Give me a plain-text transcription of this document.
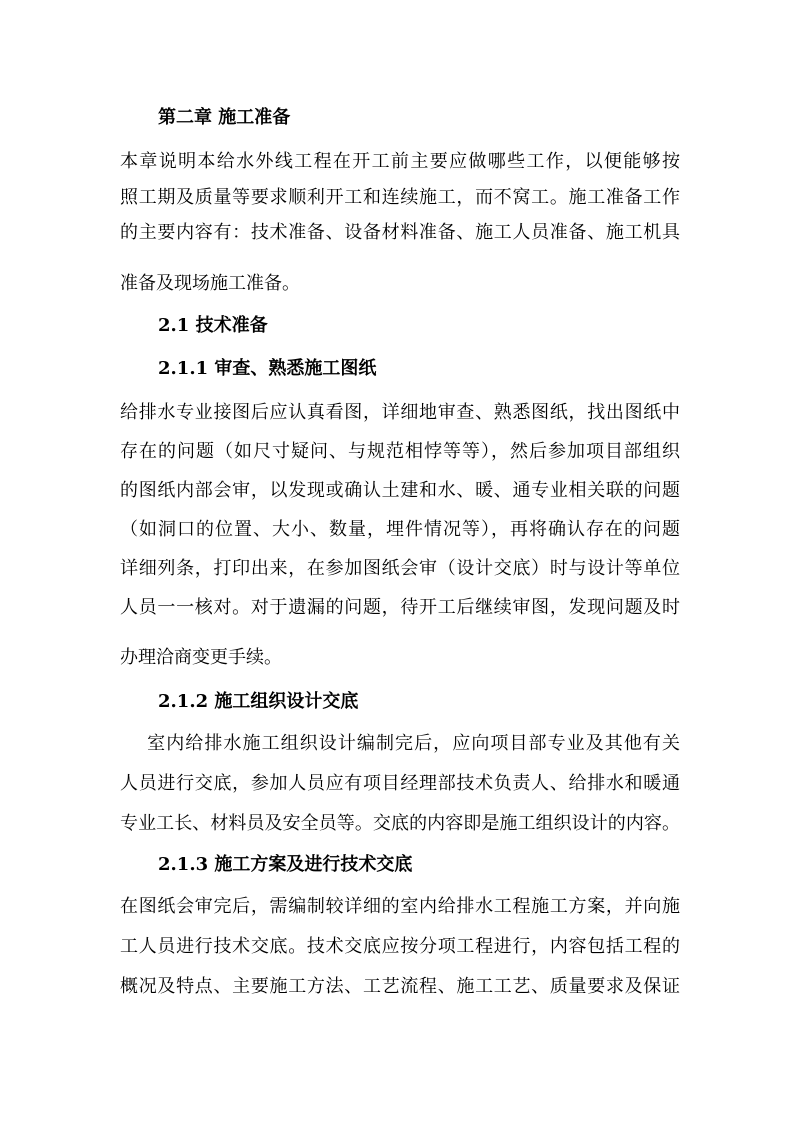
第二章 施工准备
本章说明本给水外线工程在开工前主要应做哪些工作，以便能够按
照工期及质量等要求顺利开工和连续施工，而不窝工。施工准备工作
的主要内容有：技术准备、设备材料准备、施工人员准备、施工机具
准备及现场施工准备。
2.1 技术准备
2.1.1 审查、熟悉施工图纸
给排水专业接图后应认真看图，详细地审查、熟悉图纸，找出图纸中
存在的问题（如尺寸疑问、与规范相悖等等），然后参加项目部组织
的图纸内部会审，以发现或确认土建和水、暖、通专业相关联的问题
（如洞口的位置、大小、数量，埋件情况等），再将确认存在的问题
详细列条，打印出来，在参加图纸会审（设计交底）时与设计等单位
人员一一核对。对于遗漏的问题，待开工后继续审图，发现问题及时
办理洽商变更手续。
2.1.2 施工组织设计交底
室内给排水施工组织设计编制完后，应向项目部专业及其他有关
人员进行交底，参加人员应有项目经理部技术负责人、给排水和暖通
专业工长、材料员及安全员等。交底的内容即是施工组织设计的内容。
2.1.3 施工方案及进行技术交底
在图纸会审完后，需编制较详细的室内给排水工程施工方案，并向施
工人员进行技术交底。技术交底应按分项工程进行，内容包括工程的
概况及特点、主要施工方法、工艺流程、施工工艺、质量要求及保证
